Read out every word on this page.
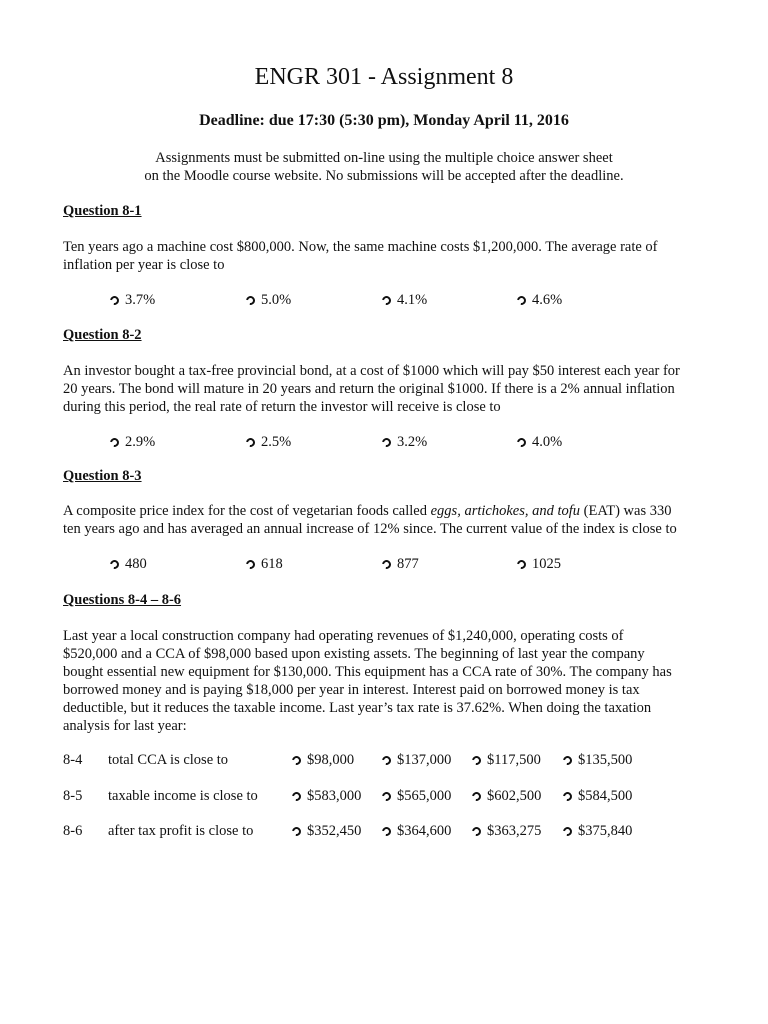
ENGR 301 - Assignment 8
Deadline: due 17:30 (5:30 pm), Monday April 11, 2016
Assignments must be submitted on-line using the multiple choice answer sheet
on the Moodle course website. No submissions will be accepted after the deadline.
Question 8-1
Ten years ago a machine cost $800,000. Now, the same machine costs $1,200,000. The average rate of
inflation per year is close to
3.7%	5.0%	4.1%	4.6%
Question 8-2
An investor bought a tax-free provincial bond, at a cost of $1000 which will pay $50 interest each year for
20 years. The bond will mature in 20 years and return the original $1000. If there is a 2% annual inflation
during this period, the real rate of return the investor will receive is close to
2.9%	2.5%	3.2%	4.0%
Question 8-3
A composite price index for the cost of vegetarian foods called eggs, artichokes, and tofu (EAT) was 330
ten years ago and has averaged an annual increase of 12% since. The current value of the index is close to
480	618	877	1025
Questions 8-4 – 8-6
Last year a local construction company had operating revenues of $1,240,000, operating costs of
$520,000 and a CCA of $98,000 based upon existing assets. The beginning of last year the company
bought essential new equipment for $130,000. This equipment has a CCA rate of 30%. The company has
borrowed money and is paying $18,000 per year in interest. Interest paid on borrowed money is tax
deductible, but it reduces the taxable income. Last year’s tax rate is 37.62%. When doing the taxation
analysis for last year:
8-4 total CCA is close to	$98,000	$137,000 $117,500	$135,500
8-5 taxable income is close to	$583,000 $565,000 $602,500	$584,500
8-6 after tax profit is close to	$352,450 $364,600 $363,275	$375,840
